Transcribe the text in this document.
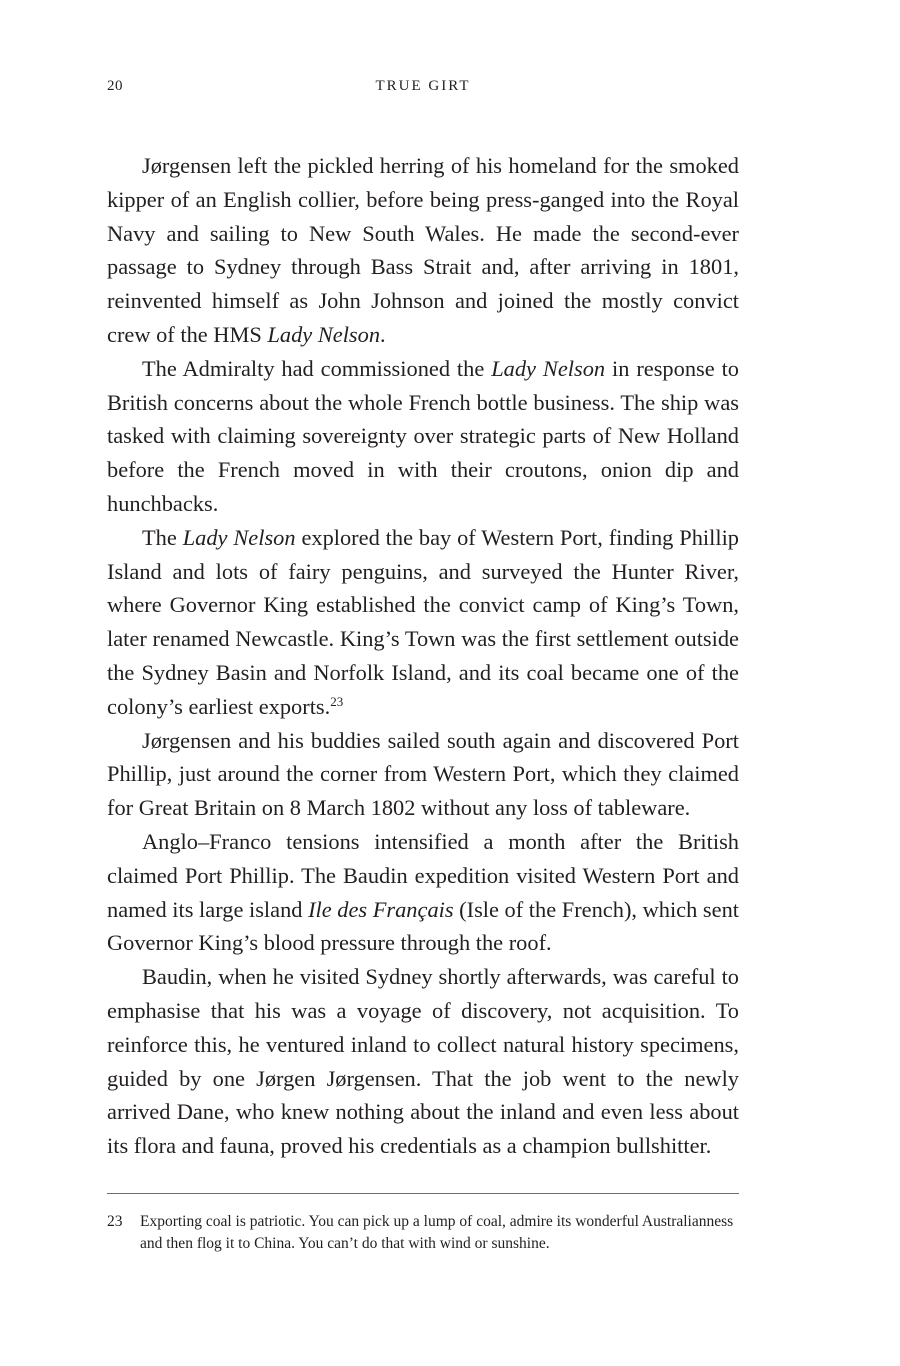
20	TRUE GIRT

Jørgensen left the pickled herring of his homeland for the smoked kipper of an English collier, before being press-ganged into the Royal Navy and sailing to New South Wales. He made the second-ever passage to Sydney through Bass Strait and, after arriving in 1801, reinvented himself as John Johnson and joined the mostly convict crew of the HMS Lady Nelson.

The Admiralty had commissioned the Lady Nelson in response to British concerns about the whole French bottle business. The ship was tasked with claiming sovereignty over strategic parts of New Holland before the French moved in with their croutons, onion dip and hunchbacks.

The Lady Nelson explored the bay of Western Port, finding Phillip Island and lots of fairy penguins, and surveyed the Hunter River, where Governor King established the convict camp of King’s Town, later renamed Newcastle. King’s Town was the first settlement outside the Sydney Basin and Norfolk Island, and its coal became one of the colony’s earliest exports.$^{23}$

Jørgensen and his buddies sailed south again and discovered Port Phillip, just around the corner from Western Port, which they claimed for Great Britain on 8 March 1802 without any loss of tableware.

Anglo–Franco tensions intensified a month after the British claimed Port Phillip. The Baudin expedition visited Western Port and named its large island Ile des Français (Isle of the French), which sent Governor King’s blood pressure through the roof.

Baudin, when he visited Sydney shortly afterwards, was careful to emphasise that his was a voyage of discovery, not acquisition. To reinforce this, he ventured inland to collect natural history specimens, guided by one Jørgen Jørgensen. That the job went to the newly arrived Dane, who knew nothing about the inland and even less about its flora and fauna, proved his credentials as a champion bullshitter.

23 Exporting coal is patriotic. You can pick up a lump of coal, admire its wonderful Australianness and then flog it to China. You can’t do that with wind or sunshine.
